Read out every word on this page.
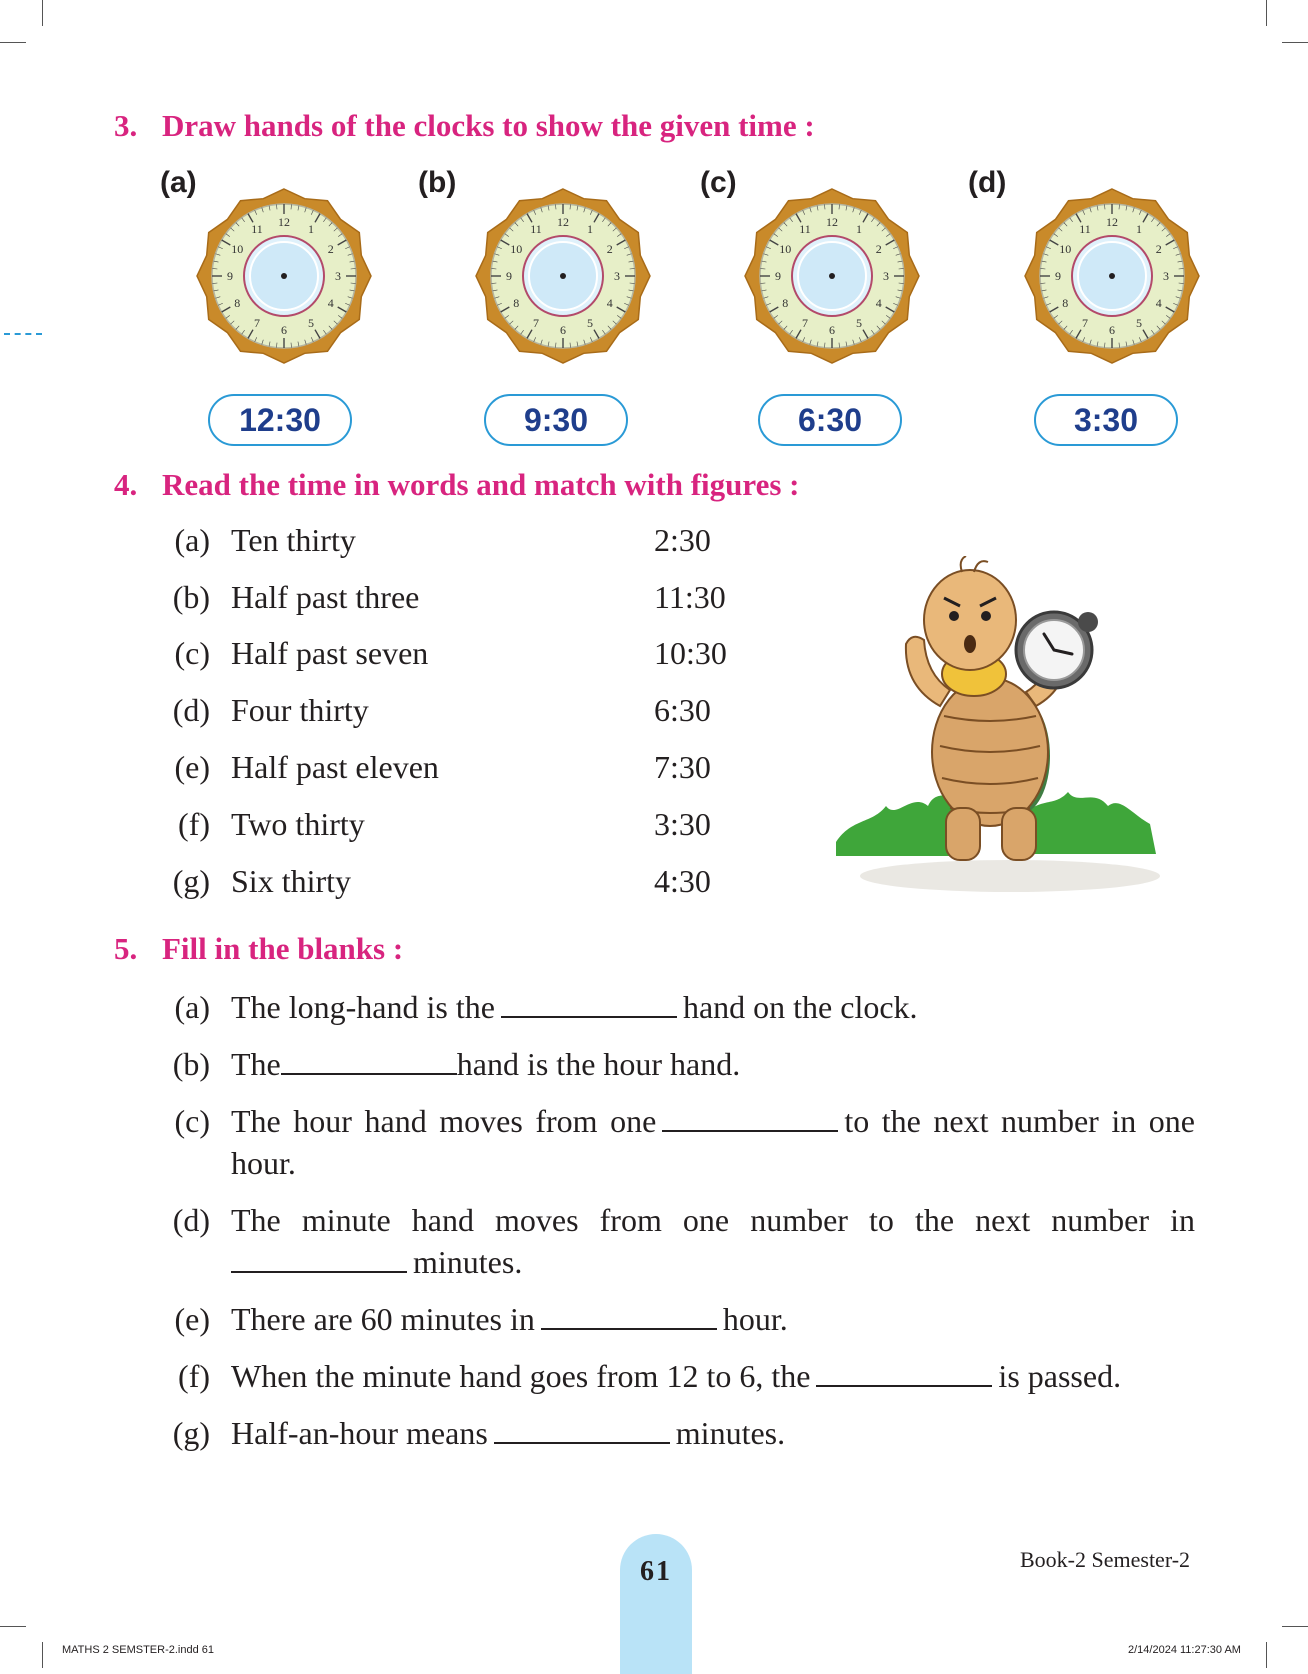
3. Draw hands of the clocks to show the given time :
(a)	(b)	(c)	(d)
12
1
2
3
4
5
6
7
8
9
10
11
12
1
2
3
4
5
6
7
8
9
10
11
12
1
2
3
4
5
6
7
8
9
10
11
12
1
2
3
4
5
6
7
8
9
10
11
12:30	9:30	6:30	3:30
4. Read the time in words and match with figures :
(a) Ten thirty	2:30
(b) Half past three	11:30
(c) Half past seven	10:30
(d) Four thirty	6:30
(e) Half past eleven	7:30
(f) Two thirty	3:30
(g) Six thirty	4:30
5. Fill in the blanks :
(a) The long-hand is the	hand on the clock.
(b) The	hand is the hour hand.
(c) The hour hand moves from one	to the next number in one hour.
(d) The minute hand moves from one number to the next number in minutes.
(e) There are 60 minutes in	hour.
(f) When the minute hand goes from 12 to 6, the	is passed.
(g) Half-an-hour means	minutes.
61	Book-2 Semester-2
MATHS 2 SEMSTER-2.indd 61	2/14/2024 11:27:30 AM
